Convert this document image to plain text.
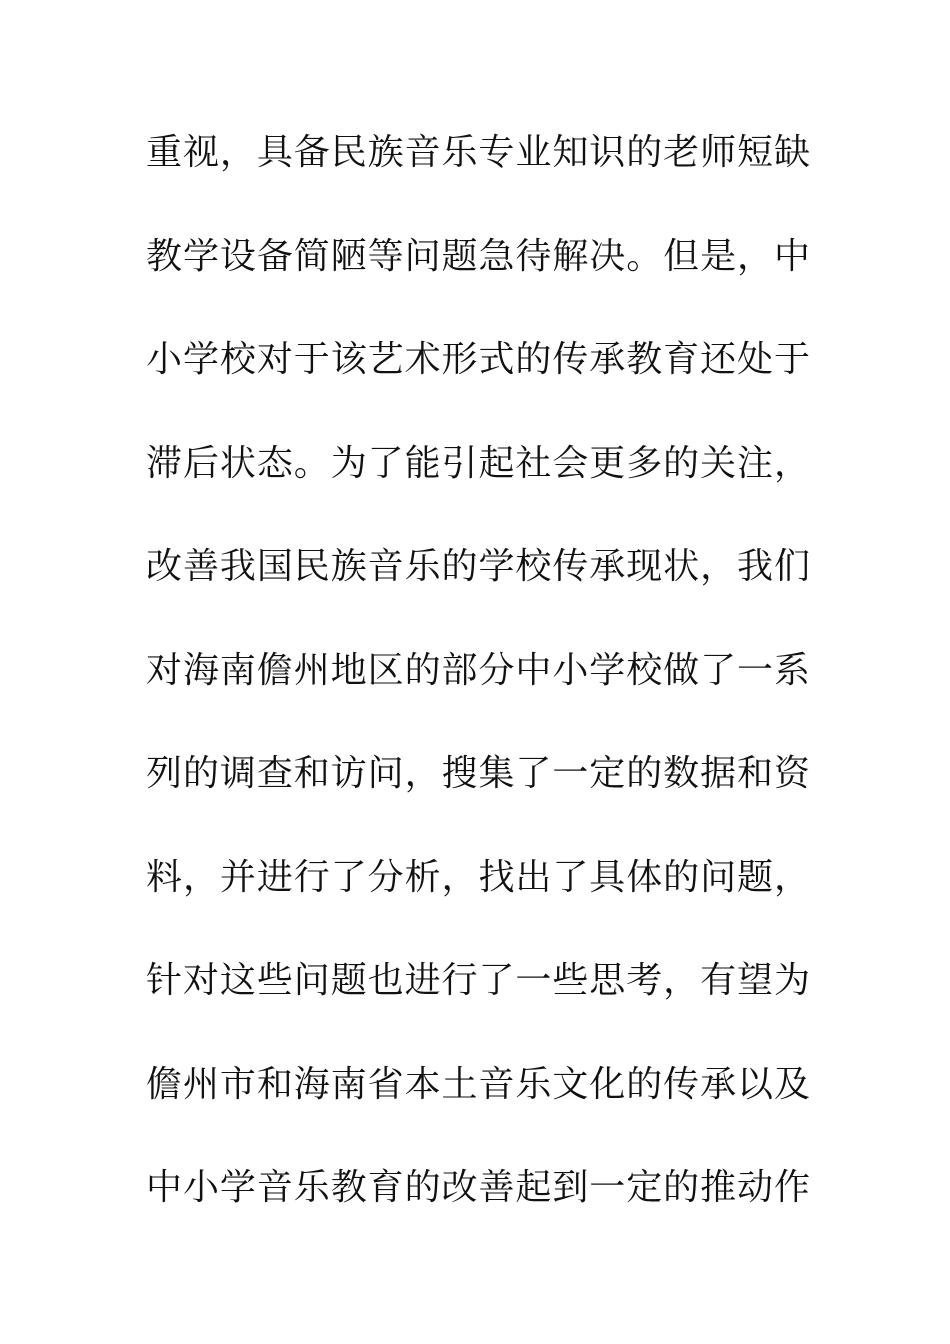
重视，具备民族音乐专业知识的老师短缺
教学设备简陋等问题急待解决。但是，中
小学校对于该艺术形式的传承教育还处于
滞后状态。为了能引起社会更多的关注，
改善我国民族音乐的学校传承现状，我们
对海南儋州地区的部分中小学校做了一系
列的调查和访问，搜集了一定的数据和资
料，并进行了分析，找出了具体的问题，
针对这些问题也进行了一些思考，有望为
儋州市和海南省本土音乐文化的传承以及
中小学音乐教育的改善起到一定的推动作
